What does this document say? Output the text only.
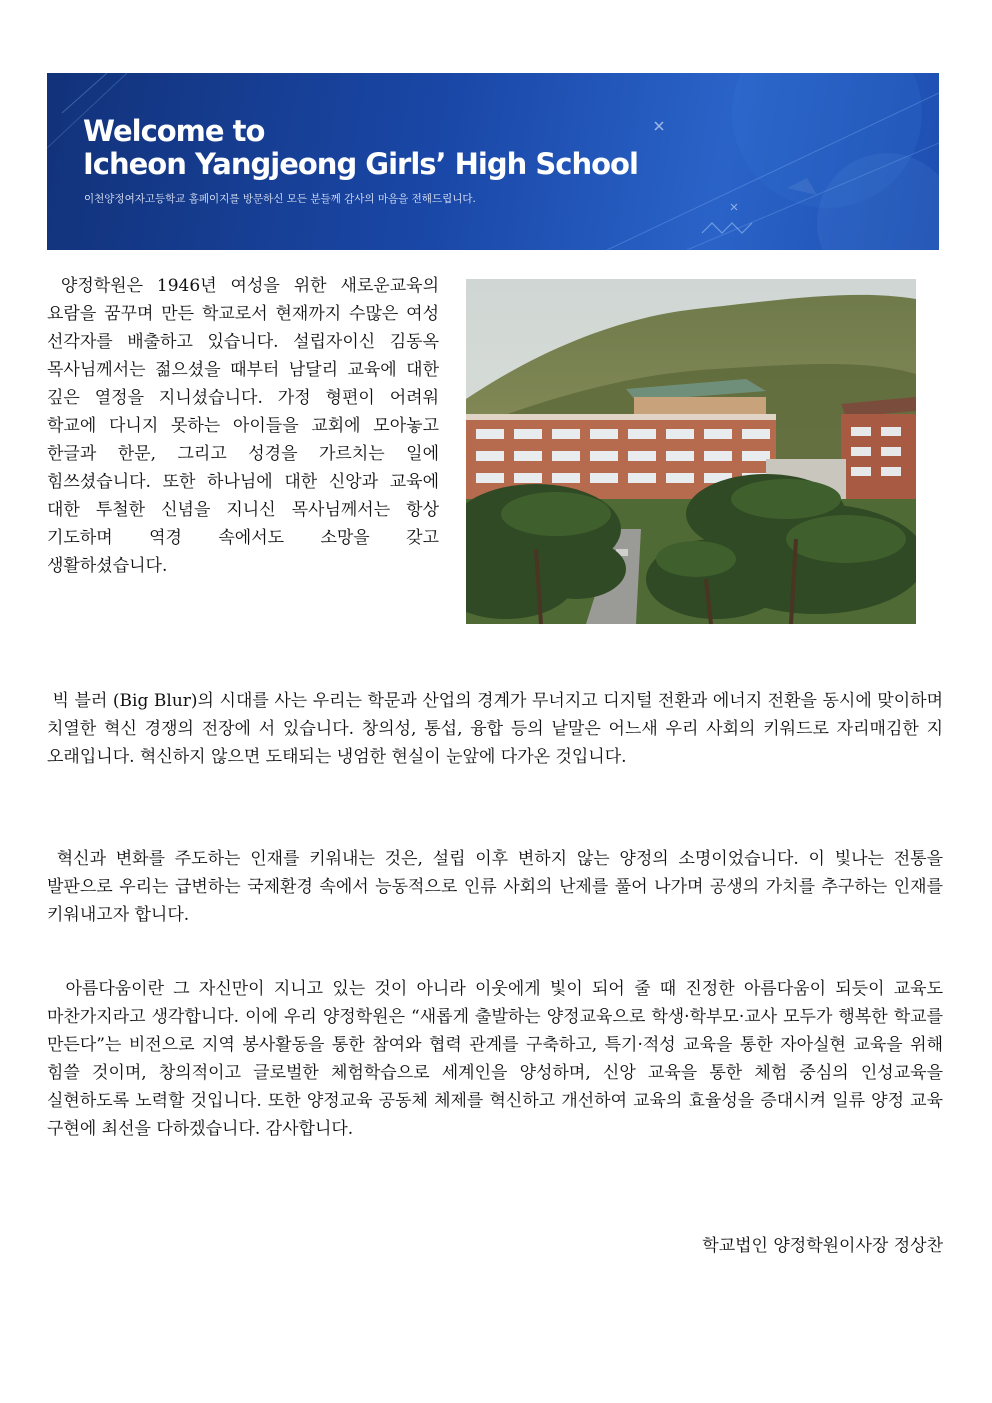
Welcome to
Icheon Yangjeong Girls’ High School
이천양정여자고등학교 홈페이지를 방문하신 모든 분들께 감사의 마음을 전해드립니다.

양정학원은 1946년 여성을 위한 새로운교육의 요람을 꿈꾸며 만든 학교로서 현재까지 수많은 여성 선각자를 배출하고 있습니다. 설립자이신 김동옥 목사님께서는 젊으셨을 때부터 남달리 교육에 대한 깊은 열정을 지니셨습니다. 가정 형편이 어려워 학교에 다니지 못하는 아이들을 교회에 모아놓고 한글과 한문, 그리고 성경을 가르치는 일에 힘쓰셨습니다. 또한 하나님에 대한 신앙과 교육에 대한 투철한 신념을 지니신 목사님께서는 항상 기도하며 역경 속에서도 소망을 갖고 생활하셨습니다.

빅 블러 (Big Blur)의 시대를 사는 우리는 학문과 산업의 경계가 무너지고 디지털 전환과 에너지 전환을 동시에 맞이하며 치열한 혁신 경쟁의 전장에 서 있습니다. 창의성, 통섭, 융합 등의 낱말은 어느새 우리 사회의 키워드로 자리매김한 지 오래입니다. 혁신하지 않으면 도태되는 냉엄한 현실이 눈앞에 다가온 것입니다.

혁신과 변화를 주도하는 인재를 키워내는 것은, 설립 이후 변하지 않는 양정의 소명이었습니다. 이 빛나는 전통을 발판으로 우리는 급변하는 국제환경 속에서 능동적으로 인류 사회의 난제를 풀어 나가며 공생의 가치를 추구하는 인재를 키워내고자 합니다.

아름다움이란 그 자신만이 지니고 있는 것이 아니라 이웃에게 빛이 되어 줄 때 진정한 아름다움이 되듯이 교육도 마찬가지라고 생각합니다. 이에 우리 양정학원은 “새롭게 출발하는 양정교육으로 학생·학부모·교사 모두가 행복한 학교를 만든다”는 비전으로 지역 봉사활동을 통한 참여와 협력 관계를 구축하고, 특기·적성 교육을 통한 자아실현 교육을 위해 힘쓸 것이며, 창의적이고 글로벌한 체험학습으로 세계인을 양성하며, 신앙 교육을 통한 체험 중심의 인성교육을 실현하도록 노력할 것입니다. 또한 양정교육 공동체 체제를 혁신하고 개선하여 교육의 효율성을 증대시켜 일류 양정 교육 구현에 최선을 다하겠습니다. 감사합니다.

학교법인 양정학원이사장 정상찬
